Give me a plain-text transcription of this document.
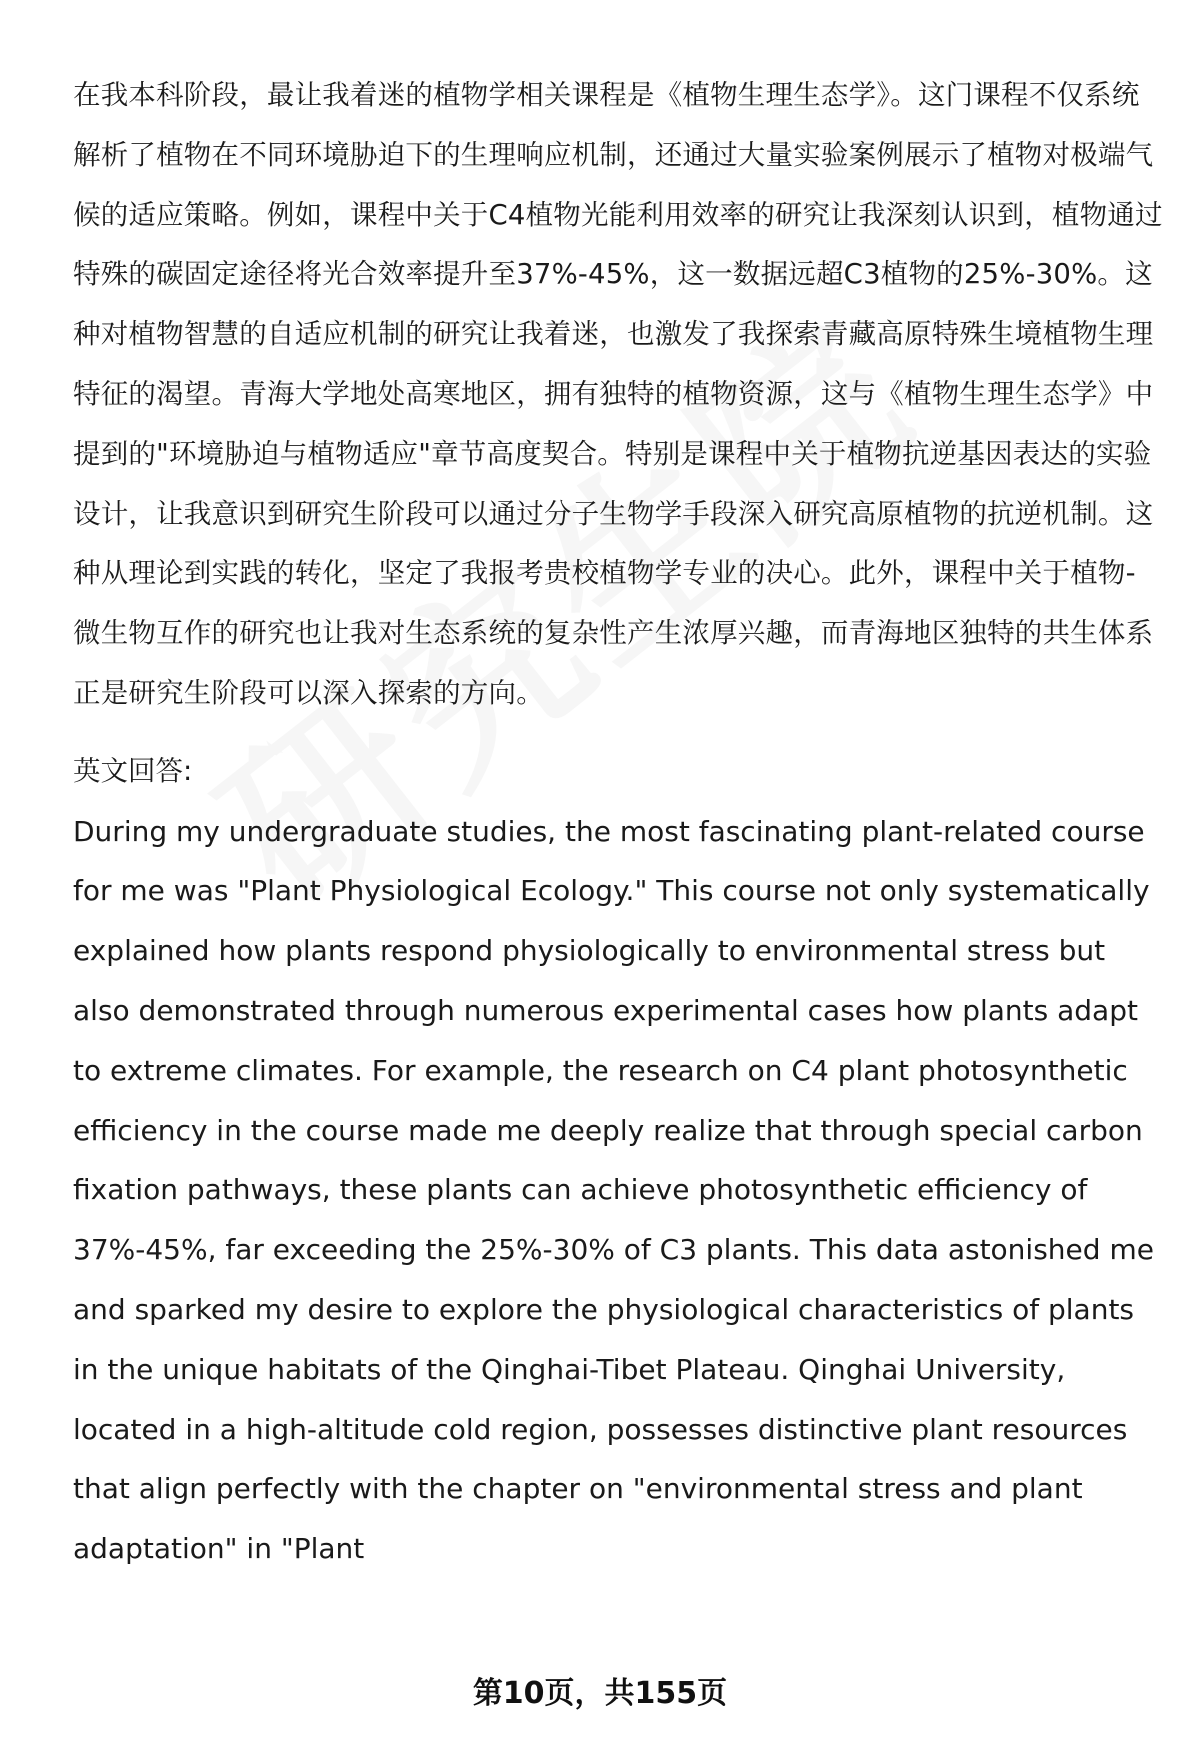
在我本科阶段，最让我着迷的植物学相关课程是《植物生理生态学》。这门课程不仅系统解析了植物在不同环境胁迫下的生理响应机制，还通过大量实验案例展示了植物对极端气候的适应策略。例如，课程中关于C4植物光能利用效率的研究让我深刻认识到，植物通过特殊的碳固定途径将光合效率提升至37%-45%，这一数据远超C3植物的25%-30%。这种对植物智慧的自适应机制的研究让我着迷，也激发了我探索青藏高原特殊生境植物生理特征的渴望。青海大学地处高寒地区，拥有独特的植物资源，这与《植物生理生态学》中提到的"环境胁迫与植物适应"章节高度契合。特别是课程中关于植物抗逆基因表达的实验设计，让我意识到研究生阶段可以通过分子生物学手段深入研究高原植物的抗逆机制。这种从理论到实践的转化，坚定了我报考贵校植物学专业的决心。此外，课程中关于植物-微生物互作的研究也让我对生态系统的复杂性产生浓厚兴趣，而青海地区独特的共生体系正是研究生阶段可以深入探索的方向。

英文回答:

During my undergraduate studies, the most fascinating plant-related course for me was "Plant Physiological Ecology." This course not only systematically explained how plants respond physiologically to environmental stress but also demonstrated through numerous experimental cases how plants adapt to extreme climates. For example, the research on C4 plant photosynthetic efficiency in the course made me deeply realize that through special carbon fixation pathways, these plants can achieve photosynthetic efficiency of 37%-45%, far exceeding the 25%-30% of C3 plants. This data astonished me and sparked my desire to explore the physiological characteristics of plants in the unique habitats of the Qinghai-Tibet Plateau. Qinghai University, located in a high-altitude cold region, possesses distinctive plant resources that align perfectly with the chapter on "environmental stress and plant adaptation" in "Plant

第10页，共155页
